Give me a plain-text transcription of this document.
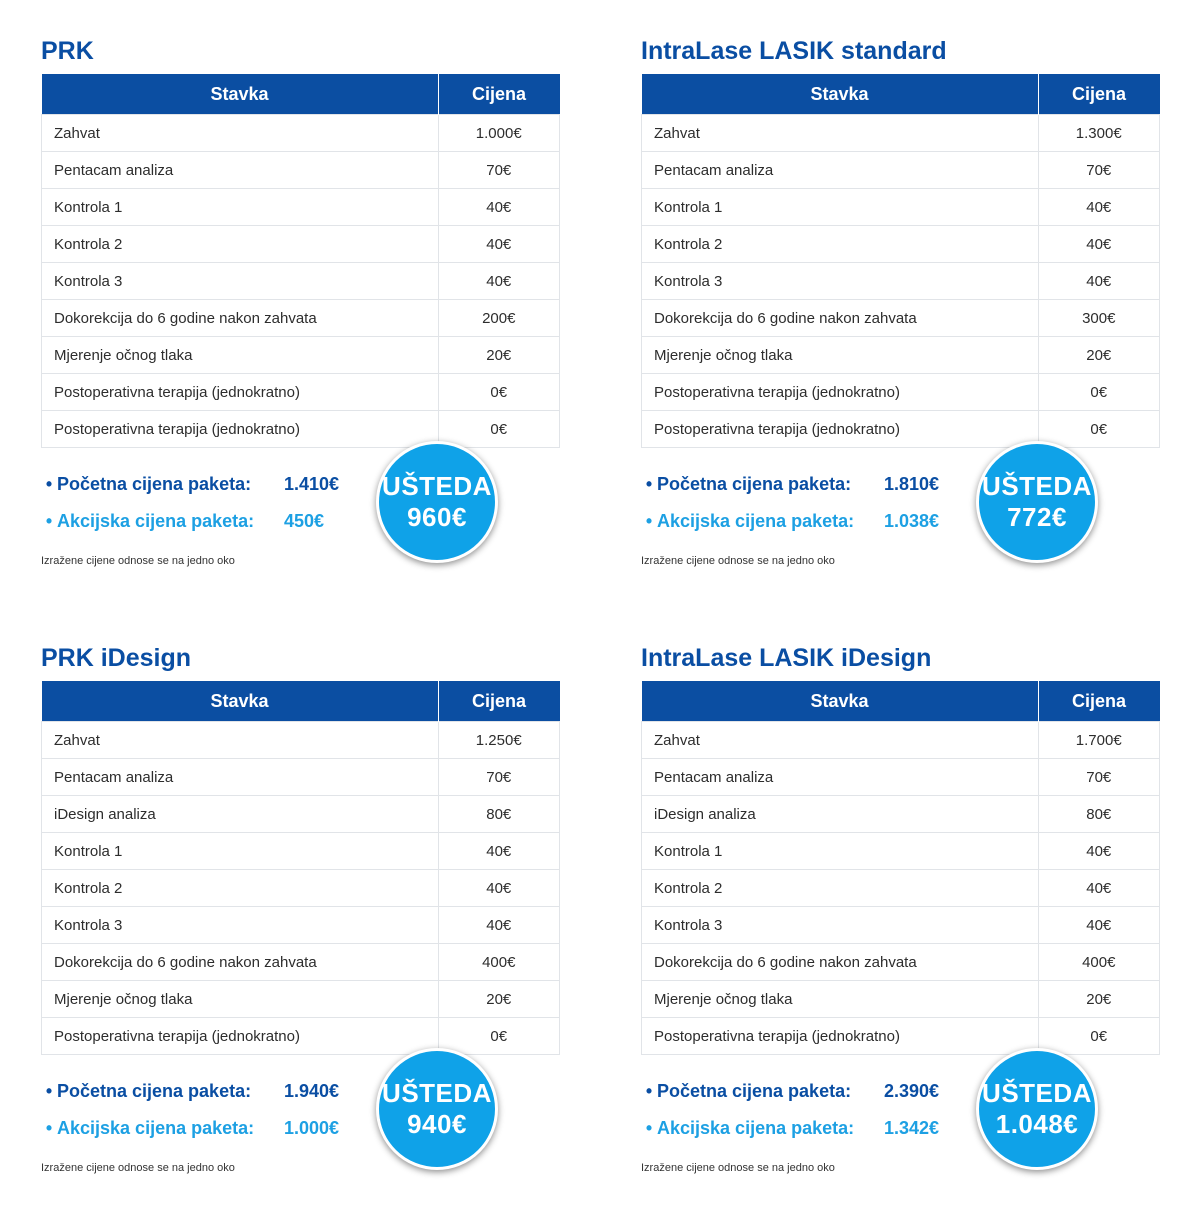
PRK
Stavka	Cijena
Zahvat	1.000€
Pentacam analiza	70€
Kontrola 1	40€
Kontrola 2	40€
Kontrola 3	40€
Dokorekcija do 6 godine nakon zahvata	200€
Mjerenje očnog tlaka	20€
Postoperativna terapija (jednokratno)	0€
Postoperativna terapija (jednokratno)	0€
• Početna cijena paketa: 1.410€
• Akcijska cijena paketa: 450€
Izražene cijene odnose se na jedno oko
UŠTEDA
960€
IntraLase LASIK standard
Stavka	Cijena
Zahvat	1.300€
Pentacam analiza	70€
Kontrola 1	40€
Kontrola 2	40€
Kontrola 3	40€
Dokorekcija do 6 godine nakon zahvata	300€
Mjerenje očnog tlaka	20€
Postoperativna terapija (jednokratno)	0€
Postoperativna terapija (jednokratno)	0€
• Početna cijena paketa: 1.810€
• Akcijska cijena paketa: 1.038€
Izražene cijene odnose se na jedno oko
UŠTEDA
772€
PRK iDesign
Stavka	Cijena
Zahvat	1.250€
Pentacam analiza	70€
iDesign analiza	80€
Kontrola 1	40€
Kontrola 2	40€
Kontrola 3	40€
Dokorekcija do 6 godine nakon zahvata	400€
Mjerenje očnog tlaka	20€
Postoperativna terapija (jednokratno)	0€
• Početna cijena paketa: 1.940€
• Akcijska cijena paketa: 1.000€
Izražene cijene odnose se na jedno oko
UŠTEDA
940€
IntraLase LASIK iDesign
Stavka	Cijena
Zahvat	1.700€
Pentacam analiza	70€
iDesign analiza	80€
Kontrola 1	40€
Kontrola 2	40€
Kontrola 3	40€
Dokorekcija do 6 godine nakon zahvata	400€
Mjerenje očnog tlaka	20€
Postoperativna terapija (jednokratno)	0€
• Početna cijena paketa: 2.390€
• Akcijska cijena paketa: 1.342€
Izražene cijene odnose se na jedno oko
UŠTEDA
1.048€
